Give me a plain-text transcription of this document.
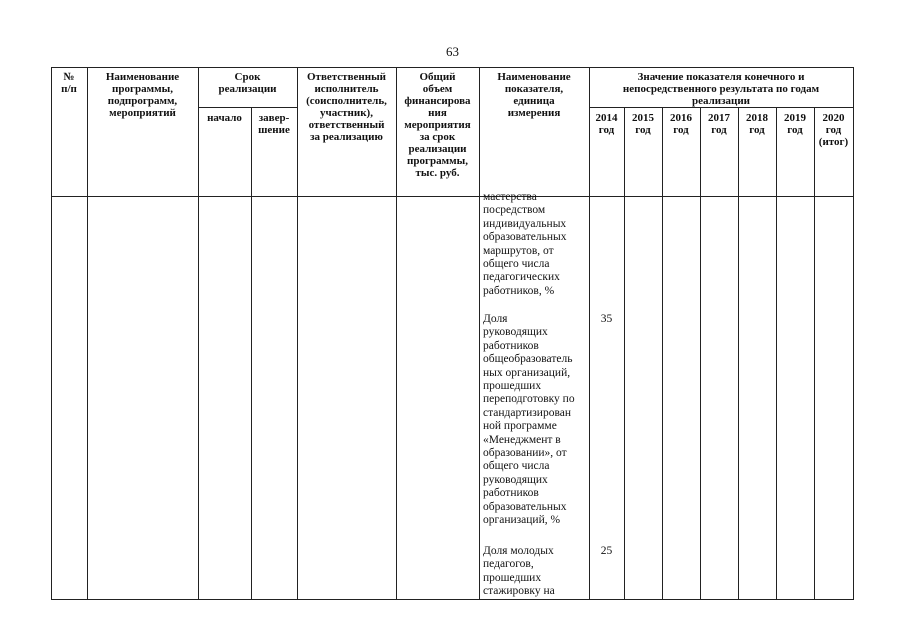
63
№
п/п
Наименование
программы,
подпрограмм,
мероприятий
Срок
реализации
начало	завер-
шение
Ответственный
исполнитель
(соисполнитель,
участник),
ответственный
за реализацию
Общий
объем
финансирова
ния
мероприятия
за срок
реализации
программы,
тыс. руб.
Наименование
показателя,
единица
измерения
Значение показателя конечного и
непосредственного результата по годам
реализации
2014
год
2015
год
2016
год
2017
год
2018
год
2019
год
2020
год
(итог)
мастерства
посредством
индивидуальных
образовательных
маршрутов, от
общего числа
педагогических
работников, %
Доля
руководящих
работников
общеобразователь
ных организаций,
прошедших
переподготовку по
стандартизирован
ной программе
«Менеджмент в
образовании», от
общего числа
руководящих
работников
образовательных
организаций, %
35
Доля молодых
педагогов,
прошедших
стажировку на
25
